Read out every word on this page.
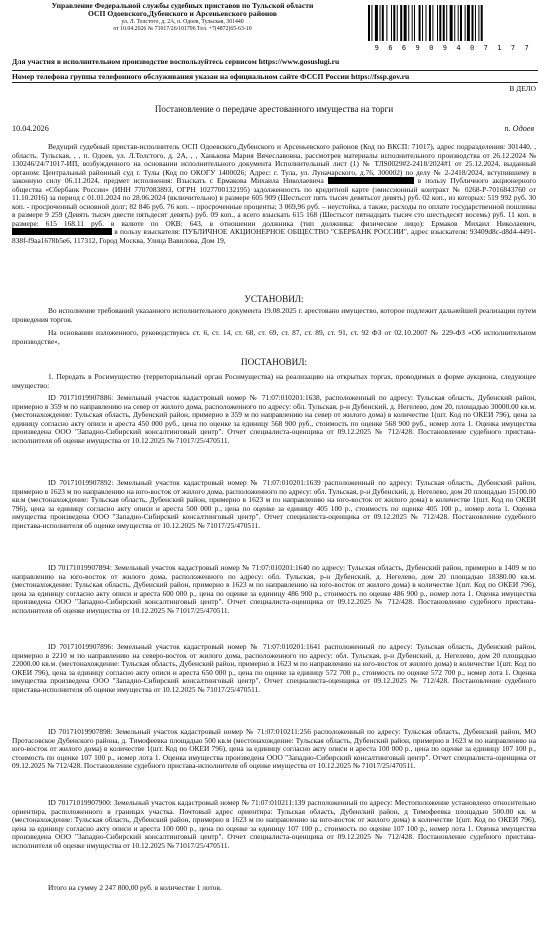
Управление Федеральной службы судебных приставов по Тульской области
ОСП Одоевского,Дубенского и Арсеньевского районов
ул. Л. Толстого, д. 2А, п. Одоев, Тульская, 301440
от 10.04.2026 № 71017/26/101796 Тел. +7(4872)65-63-10
9 6 6 9 0 9 4 0 7 1 7 7
Для участия в исполнительном производстве воспользуйтесь сервисом https://www.gosuslugi.ru
Номер телефона группы телефонного обслуживания указан на официальном сайте ФССП России https://fssp.gov.ru
В ДЕЛО
Постановление о передаче арестованного имущества на торги
10.04.2026	п. Одоев
Ведущий судебный пристав-исполнитель ОСП Одоевского,Дубенского и Арсеньевского районов (Код по ВКСП: 71017), адрес подразделения: 301440, , область. Тульская, , , п. Одоев, ул. Л.Толстого, д. 2А, , , Ханькова Мария Вячеславовна, рассмотрев материалы исполнительного производства от 26.12.2024 № 130246/24/71017-ИП, возбужденного на основании исполнительного документа Исполнительный лист (1) № ТЛS0029#2-2418/2024#1 от 25.12.2024, выданный органом: Центральный районный суд г. Тулы (Код по ОКОГУ 1400026; Адрес: г. Тула, ул. Луначарского, д.76, 300002) по делу № 2-2418/2024, вступившему в законную силу 06.11.2024, предмет исполнения: Взыскать с Ермакова Михаила Николаевича	в пользу Публичного акционерного общества «Сбербанк России» (ИНН 7707083893, ОГРН 1027700132195) задолженность по кредитной карте (эмиссионный контракт № 0268-Р-7016843760 от 11.10.2016) за период с 01.01.2024 по 28.06.2024 (включительно) в размере 605 909 (Шестьсот пять тысяч девятьсот девять) руб. 02 коп., из которых: 519 992 руб. 30 коп. - просроченный основной долг; 82 846 руб. 76 коп. – просроченные проценты; 3 069,96 руб. – неустойка, а также, расходы по оплате государственной пошлины в размере 9 259 (Девять тысяч двести пятьдесят девять) руб. 09 коп., а всего взыскать 615 168 (Шестьсот пятнадцать тысяч сто шестьдесят восемь) руб. 11 коп. в размере: 615 168.11 руб. в валюте по ОКВ: 643, в отношении должника (тип должника: физическое лицо): Ермаков Михаил Николаевич,  в пользу взыскателя: ПУБЛИЧНОЕ АКЦИОНЕРНОЕ ОБЩЕСТВО "СБЕРБАНК РОССИИ", адрес взыскателя: 93409d8c-d8d4-4491-838f-f9aa1678b5e6, 117312, Город Москва, Улица Вавилова, Дом 19,
УСТАНОВИЛ:
Во исполнение требований указанного исполнительного документа 19.08.2025 г. арестовано имущество, которое подлежит дальнейшей реализации путем проведения торгов.
На основании изложенного, руководствуясь ст. 6, ст. 14, ст. 68, ст. 69, ст. 87, ст. 89, ст. 91, ст. 92 ФЗ от 02.10.2007 № 229-ФЗ «Об исполнительном производстве»,
ПОСТАНОВИЛ:
1. Передать в Росимущество (территориальный орган Росимущества) на реализацию на открытых торгах, проводимых в форме аукциона, следующее имущество:
ID 70171019907886: Земельный участок кадастровый номер № 71:07:010201:1638, расположенный по адресу: Тульская область, Дубенский район, примерно в 359 м по направлению на север от жилого дома, расположенного по адресу: обл. Тульская, р-н Дубенский, д. Негелево, дом 20, площадью 30000.00 кв.м. (местонахождение: Тульская область, Дубенский район, примерно в 359 м по направлению на север от жилого дома) в количестве 1(шт. Код по ОКЕИ 796), цена за единицу согласно акту описи и ареста 450 000 руб., цена по оценке за единицу 568 900 руб., стоимость по оценке 568 900 руб., номер лота 1. Оценка имущества произведена ООО "Западно-Сибирский консалтинговый центр". Отчет специалиста-оценщика от 09.12.2025 № 712/428. Постановление судебного пристава-исполнителя об оценке имущества от 10.12.2025 № 71017/25/470511.
ID 70171019907892: Земельный участок кадастровый номер № 71:07:010201:1639 расположенный по адресу: Тульская область, Дубенский район, примерно в 1623 м по направлению на юго-восток от жилого дома, расположенного по адресу: обл. Тульская, р-н Дубенский, д. Негелево, дом 20 площадью 15100.00 кв.м (местонахождение: Тульская область, Дубенский район, примерно в 1623 м по направлению на юго-восток от жилого дома) в количестве 1(шт. Код по ОКЕИ 796), цена за единицу согласно акту описи и ареста 500 000 р., цена по оценке за единицу 405 100 р., стоимость по оценке 405 100 р., номер лота 1. Оценка имущества произведена ООО "Западно-Сибирский консалтинговый центр". Отчет специалиста-оценщика от 09.12.2025 № 712/428. Постановление судебного пристава-исполнителя об оценке имущества от 10.12.2025 № 71017/25/470511.
ID 70171019907894: Земельный участок кадастровый номер № 71:07:010201:1640 по адресу: Тульская область, Дубенский район, примерно в 1409 м по направлению на юго-восток от жилого дома, расположенного по адресу: обл. Тульская, р-н Дубенский, д. Негелево, дом 20 площадью 18380.00 кв.м. (местонахождение: Тульская область, Дубенский район, примерно в 1623 м по направлению на юго-восток от жилого дома) в количестве 1(шт. Код по ОКЕИ 796), цена за единицу согласно акту описи и ареста 600 000 р., цена по оценке за единицу 486 900 р., стоимость по оценке 486 900 р., номер лота 1. Оценка имущества произведена ООО "Западно-Сибирский консалтинговый центр". Отчет специалиста-оценщика от 09.12.2025 № 712/428. Постановление судебного пристава-исполнителя об оценке имущества от 10.12.2025 № 71017/25/470511.
ID 70171019907896: Земельный участок кадастровый номер № 71:07:010201:1641 расположенный по адресу: Тульская область, Дубенский район, примерно в 2210 м по направлению на северо-восток от жилого дома, расположенного по адресу: обл. Тульская, р-н Дубенский, д. Негелево, дом 20 площадью 22000.00 кв.м. (местонахождение: Тульская область, Дубенский район, примерно в 1623 м по направлению на юго-восток от жилого дома) в количестве 1(шт. Код по ОКЕИ 796), цена за единицу согласно акту описи и ареста 650 000 р., цена по оценке за единицу 572 700 р., стоимость по оценке 572 700 р., номер лота 1. Оценка имущества произведена ООО "Западно-Сибирский консалтинговый центр". Отчет специалиста-оценщика от 09.12.2025 № 712/428. Постановление судебного пристава-исполнителя об оценке имущества от 10.12.2025 № 71017/25/470511.
ID 70171019907898: Земельный участок кадастровый номер № 71:07:010211:256 расположенный по адресу: Тульская область, Дубенский район, МО Протасовское Дубенского района, д. Тимофеевка площадью 500 кв.м (местонахождение: Тульская область, Дубенский район, примерно в 1623 м по направлению на юго-восток от жилого дома) в количестве 1(шт. Код по ОКЕИ 796), цена за единицу согласно акту описи и ареста 100 000 р., цена по оценке за единицу 107 100 р., стоимость по оценке 107 100 р., номер лота 1. Оценка имущества произведена ООО "Западно-Сибирский консалтинговый центр". Отчет специалиста-оценщика от 09.12.2025 № 712/428. Постановление судебного пристава-исполнителя об оценке имущества от 10.12.2025 № 71017/25/470511.
ID 70171019907900: Земельный участок кадастровый номер № 71:07:010211:139 расположенный по адресу: Местоположение установлено относительно ориентира, расположенного в границах участка. Почтовый адрес ориентира: Тульская область, Дубенский район, д Тимофеевка площадью 500.00 кв. м (местонахождение: Тульская область, Дубенский район, примерно в 1623 м по направлению на юго-восток от жилого дома) в количестве 1(шт. Код по ОКЕИ 796), цена за единицу согласно акту описи и ареста 100 000 р., цена по оценке за единицу 107 100 р., стоимость по оценке 107 100 р., номер лота 1. Оценка имущества произведена ООО "Западно-Сибирский консалтинговый центр". Отчет специалиста-оценщика от 09.12.2025 № 712/428. Постановление судебного пристава-исполнителя об оценке имущества от 10.12.2025 № 71017/25/470511.
Итого на сумму 2 247 800,00 руб. в количестве 1 лотов.
